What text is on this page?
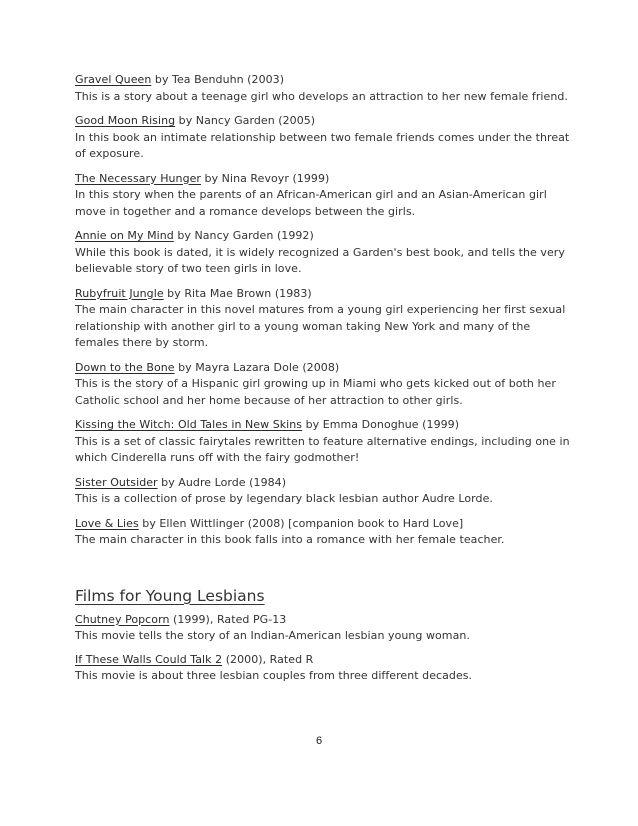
Gravel Queen by Tea Benduhn (2003)
This is a story about a teenage girl who develops an attraction to her new female friend.
Good Moon Rising by Nancy Garden (2005)
In this book an intimate relationship between two female friends comes under the threat of exposure.
The Necessary Hunger by Nina Revoyr (1999)
In this story when the parents of an African-American girl and an Asian-American girl move in together and a romance develops between the girls.
Annie on My Mind by Nancy Garden (1992)
While this book is dated, it is widely recognized a Garden's best book, and tells the very believable story of two teen girls in love.
Rubyfruit Jungle by Rita Mae Brown (1983)
The main character in this novel matures from a young girl experiencing her first sexual relationship with another girl to a young woman taking New York and many of the females there by storm.
Down to the Bone by Mayra Lazara Dole (2008)
This is the story of a Hispanic girl growing up in Miami who gets kicked out of both her Catholic school and her home because of her attraction to other girls.
Kissing the Witch: Old Tales in New Skins by Emma Donoghue (1999)
This is a set of classic fairytales rewritten to feature alternative endings, including one in which Cinderella runs off with the fairy godmother!
Sister Outsider by Audre Lorde (1984)
This is a collection of prose by legendary black lesbian author Audre Lorde.
Love & Lies by Ellen Wittlinger (2008) [companion book to Hard Love]
The main character in this book falls into a romance with her female teacher.
Films for Young Lesbians
Chutney Popcorn (1999), Rated PG-13
This movie tells the story of an Indian-American lesbian young woman.
If These Walls Could Talk 2 (2000), Rated R
This movie is about three lesbian couples from three different decades.
6
